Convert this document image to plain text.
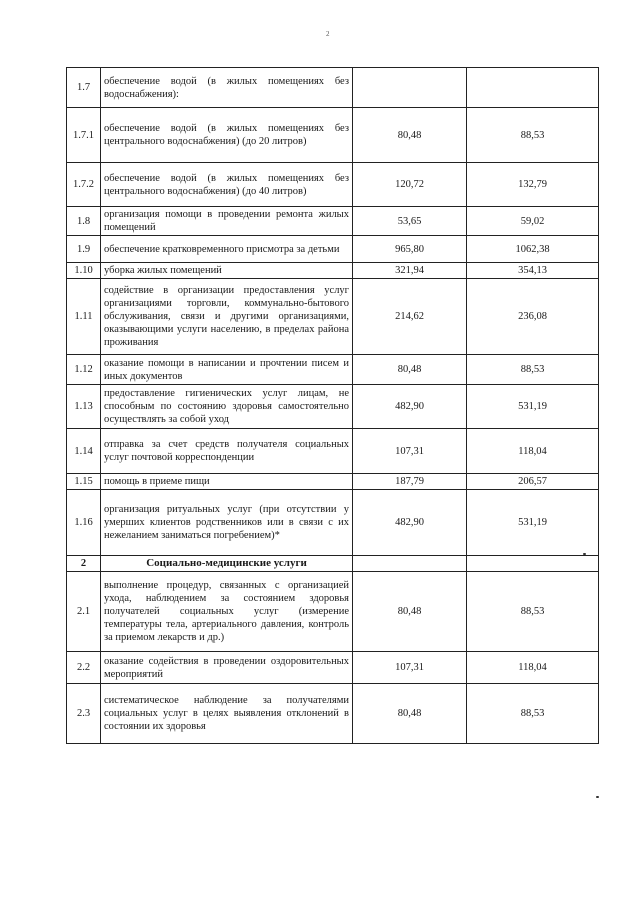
2
1.7	обеспечение водой (в жилых помещениях без водоснабжения):		
1.7.1	обеспечение водой (в жилых помещениях без центрального водоснабжения) (до 20 литров)	80,48	88,53
1.7.2	обеспечение водой (в жилых помещениях без центрального водоснабжения) (до 40 литров)	120,72	132,79
1.8	организация помощи в проведении ремонта жилых помещений	53,65	59,02
1.9	обеспечение кратковременного присмотра за детьми	965,80	1062,38
1.10	уборка жилых помещений	321,94	354,13
1.11	содействие в организации предоставления услуг организациями торговли, коммунально-бытового обслуживания, связи и другими организациями, оказывающими услуги населению, в пределах района проживания	214,62	236,08
1.12	оказание помощи в написании и прочтении писем и иных документов	80,48	88,53
1.13	предоставление гигиенических услуг лицам, не способным по состоянию здоровья самостоятельно осуществлять за собой уход	482,90	531,19
1.14	отправка за счет средств получателя социальных услуг почтовой корреспонденции	107,31	118,04
1.15	помощь в приеме пищи	187,79	206,57
1.16	организация ритуальных услуг (при отсутствии у умерших клиентов родственников или в связи с их нежеланием заниматься погребением)*	482,90	531,19
2	Социально-медицинские услуги		
2.1	выполнение процедур, связанных с организацией ухода, наблюдением за состоянием здоровья получателей социальных услуг (измерение температуры тела, артериального давления, контроль за приемом лекарств и др.)	80,48	88,53
2.2	оказание содействия в проведении оздоровительных мероприятий	107,31	118,04
2.3	систематическое наблюдение за получателями социальных услуг в целях выявления отклонений в состоянии их здоровья	80,48	88,53
